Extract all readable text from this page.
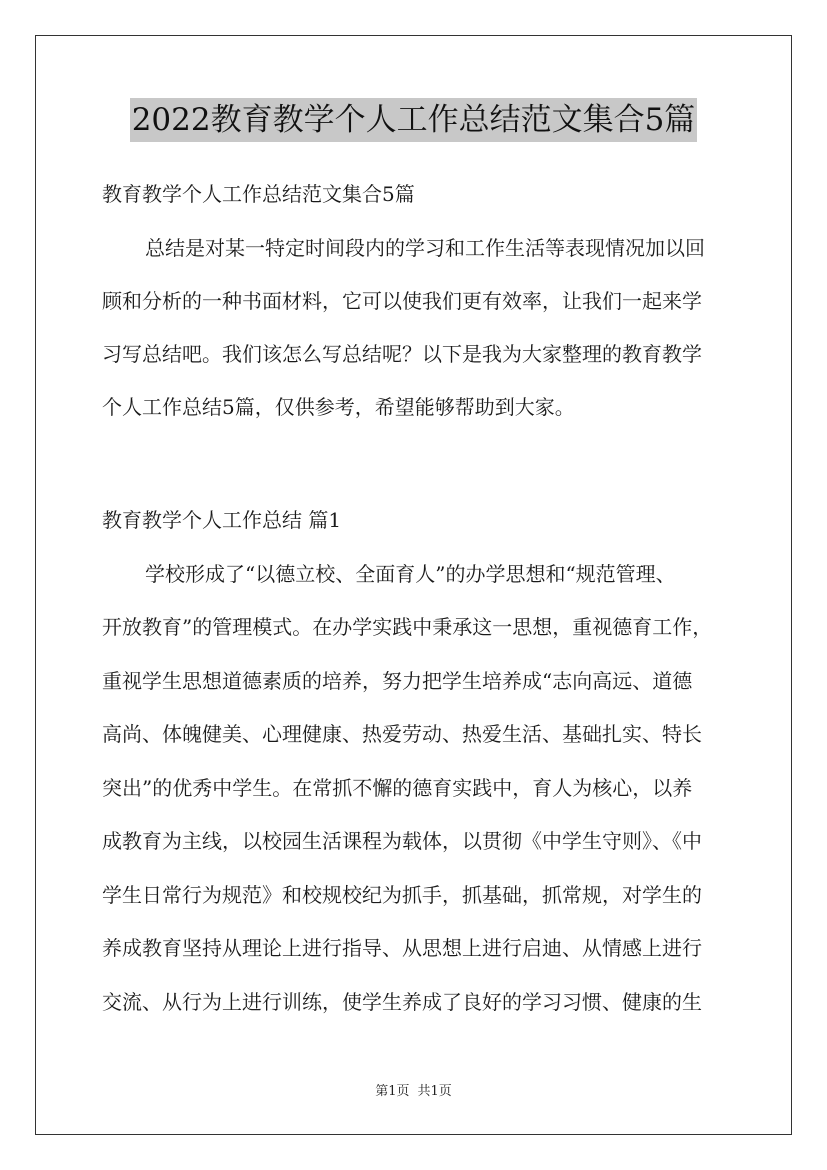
2022教育教学个人工作总结范文集合5篇
教育教学个人工作总结范文集合5篇
总结是对某一特定时间段内的学习和工作生活等表现情况加以回
顾和分析的一种书面材料，它可以使我们更有效率，让我们一起来学
习写总结吧。我们该怎么写总结呢？以下是我为大家整理的教育教学
个人工作总结5篇，仅供参考，希望能够帮助到大家。
教育教学个人工作总结 篇1
学校形成了“以德立校、全面育人”的办学思想和“规范管理、
开放教育”的管理模式。在办学实践中秉承这一思想，重视德育工作，
重视学生思想道德素质的培养，努力把学生培养成“志向高远、道德
高尚、体魄健美、心理健康、热爱劳动、热爱生活、基础扎实、特长
突出”的优秀中学生。在常抓不懈的德育实践中，育人为核心，以养
成教育为主线，以校园生活课程为载体，以贯彻《中学生守则》、《中
学生日常行为规范》和校规校纪为抓手，抓基础，抓常规，对学生的
养成教育坚持从理论上进行指导、从思想上进行启迪、从情感上进行
交流、从行为上进行训练，使学生养成了良好的学习习惯、健康的生
第1页 共1页
